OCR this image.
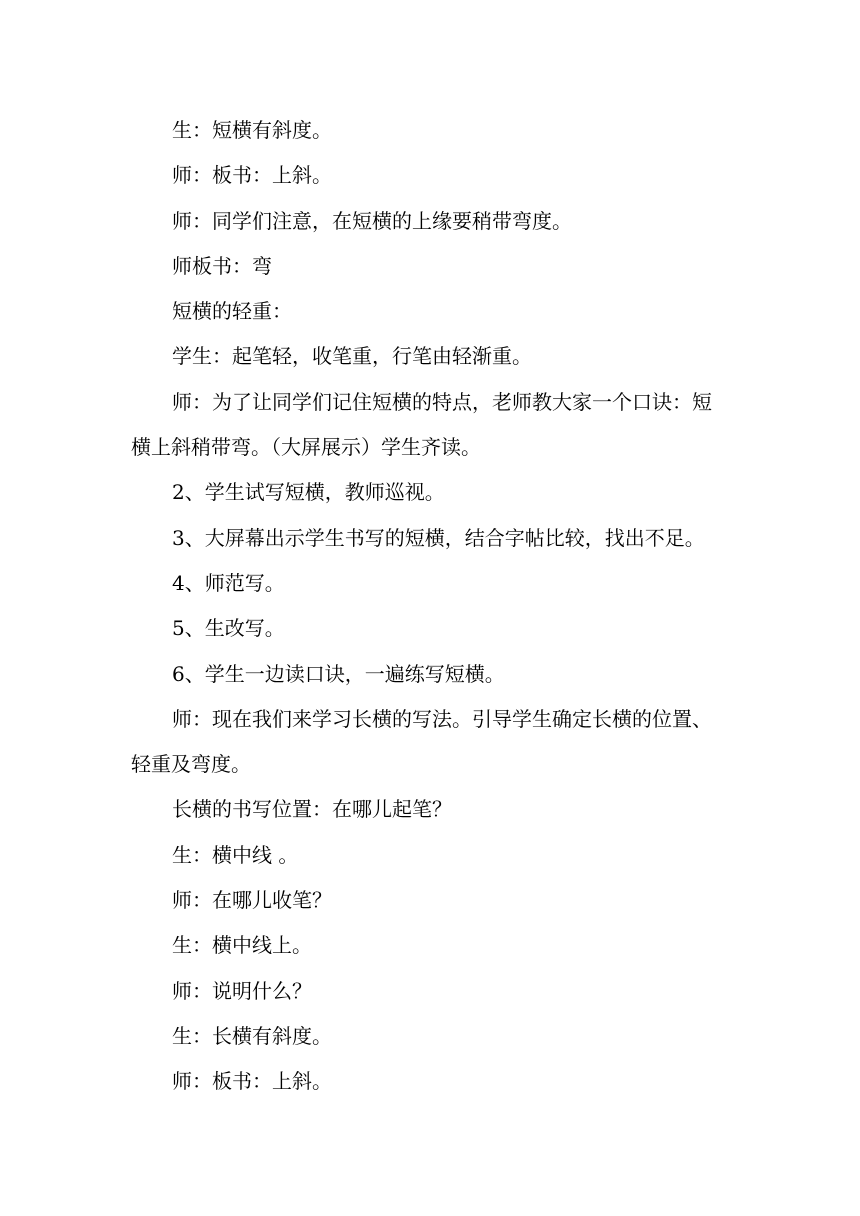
生：短横有斜度。

师：板书：上斜。

师：同学们注意，在短横的上缘要稍带弯度。

师板书：弯

短横的轻重：

学生：起笔轻，收笔重，行笔由轻渐重。

师：为了让同学们记住短横的特点，老师教大家一个口诀：短横上斜稍带弯。（大屏展示）学生齐读。

2、学生试写短横，教师巡视。

3、大屏幕出示学生书写的短横，结合字帖比较，找出不足。

4、师范写。

5、生改写。

6、学生一边读口诀，一遍练写短横。

师：现在我们来学习长横的写法。引导学生确定长横的位置、轻重及弯度。

长横的书写位置：在哪儿起笔？

生：横中线 。

师：在哪儿收笔？

生：横中线上。

师：说明什么？

生：长横有斜度。

师：板书：上斜。
